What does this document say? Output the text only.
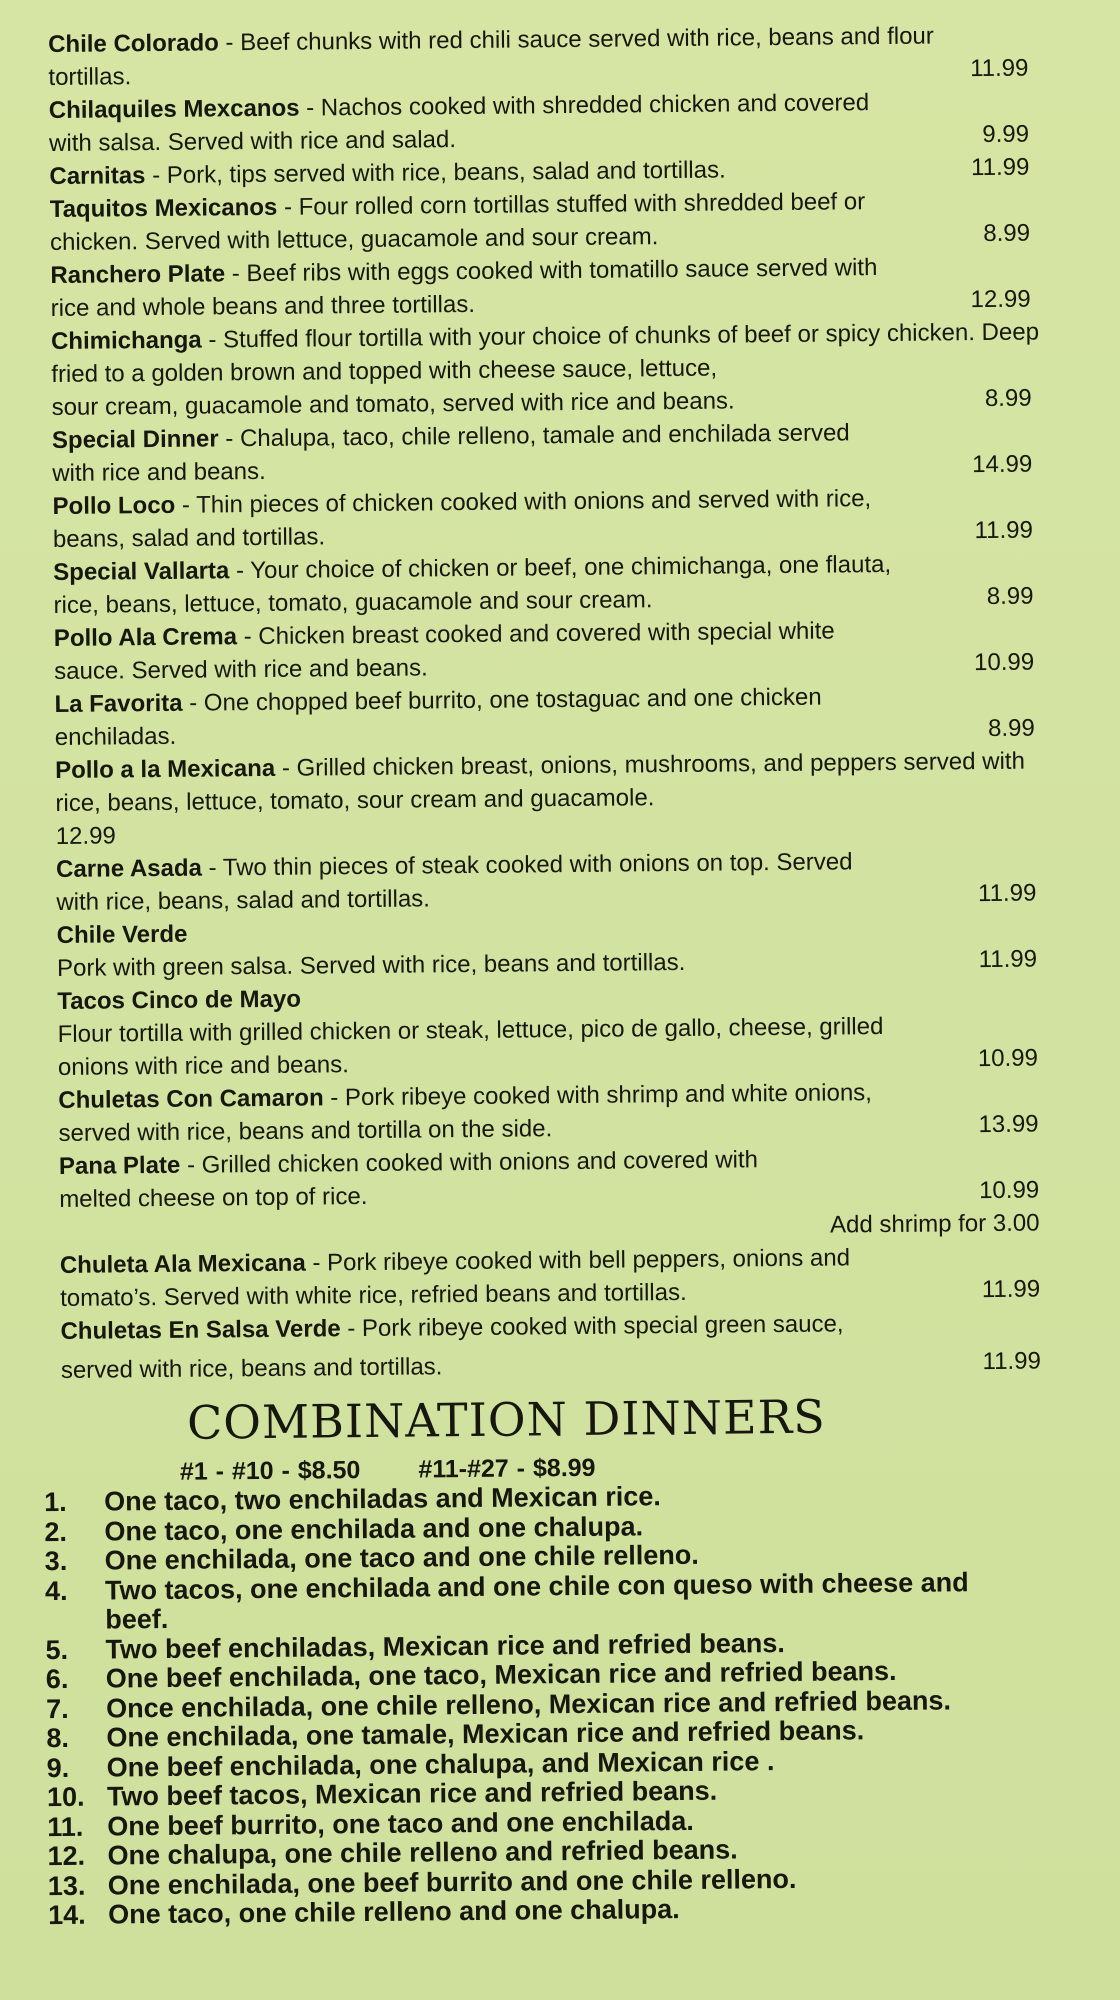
Chile Colorado - Beef chunks with red chili sauce served with rice, beans and flour
tortillas.	11.99
Chilaquiles Mexcanos - Nachos cooked with shredded chicken and covered
with salsa. Served with rice and salad.	9.99
Carnitas - Pork, tips served with rice, beans, salad and tortillas.	11.99
Taquitos Mexicanos - Four rolled corn tortillas stuffed with shredded beef or
chicken. Served with lettuce, guacamole and sour cream.	8.99
Ranchero Plate - Beef ribs with eggs cooked with tomatillo sauce served with
rice and whole beans and three tortillas.	12.99
Chimichanga - Stuffed flour tortilla with your choice of chunks of beef or spicy chicken. Deep fried to a golden brown and topped with cheese sauce, lettuce,
sour cream, guacamole and tomato, served with rice and beans.	8.99
Special Dinner - Chalupa, taco, chile relleno, tamale and enchilada served
with rice and beans.	14.99
Pollo Loco - Thin pieces of chicken cooked with onions and served with rice,
beans, salad and tortillas.	11.99
Special Vallarta - Your choice of chicken or beef, one chimichanga, one flauta,
rice, beans, lettuce, tomato, guacamole and sour cream.	8.99
Pollo Ala Crema - Chicken breast cooked and covered with special white
sauce. Served with rice and beans.	10.99
La Favorita - One chopped beef burrito, one tostaguac and one chicken
enchiladas.	8.99
Pollo a la Mexicana - Grilled chicken breast, onions, mushrooms, and peppers served with rice, beans, lettuce, tomato, sour cream and guacamole.
12.99
Carne Asada - Two thin pieces of steak cooked with onions on top. Served
with rice, beans, salad and tortillas.	11.99
Chile Verde
Pork with green salsa. Served with rice, beans and tortillas.	11.99
Tacos Cinco de Mayo
Flour tortilla with grilled chicken or steak, lettuce, pico de gallo, cheese, grilled
onions with rice and beans.	10.99
Chuletas Con Camaron - Pork ribeye cooked with shrimp and white onions,
served with rice, beans and tortilla on the side.	13.99
Pana Plate - Grilled chicken cooked with onions and covered with
melted cheese on top of rice.	10.99
Add shrimp for 3.00
Chuleta Ala Mexicana - Pork ribeye cooked with bell peppers, onions and
tomato’s. Served with white rice, refried beans and tortillas.	11.99
Chuletas En Salsa Verde - Pork ribeye cooked with special green sauce,
served with rice, beans and tortillas.	11.99
COMBINATION DINNERS
#1 - #10 - $8.50 #11-#27 - $8.99
1.	One taco, two enchiladas and Mexican rice.
2.	One taco, one enchilada and one chalupa.
3.	One enchilada, one taco and one chile relleno.
4.	Two tacos, one enchilada and one chile con queso with cheese and beef.
5.	Two beef enchiladas, Mexican rice and refried beans.
6.	One beef enchilada, one taco, Mexican rice and refried beans.
7.	Once enchilada, one chile relleno, Mexican rice and refried beans.
8.	One enchilada, one tamale, Mexican rice and refried beans.
9.	One beef enchilada, one chalupa, and Mexican rice .
10. Two beef tacos, Mexican rice and refried beans.
11. One beef burrito, one taco and one enchilada.
12. One chalupa, one chile relleno and refried beans.
13. One enchilada, one beef burrito and one chile relleno.
14. One taco, one chile relleno and one chalupa.
